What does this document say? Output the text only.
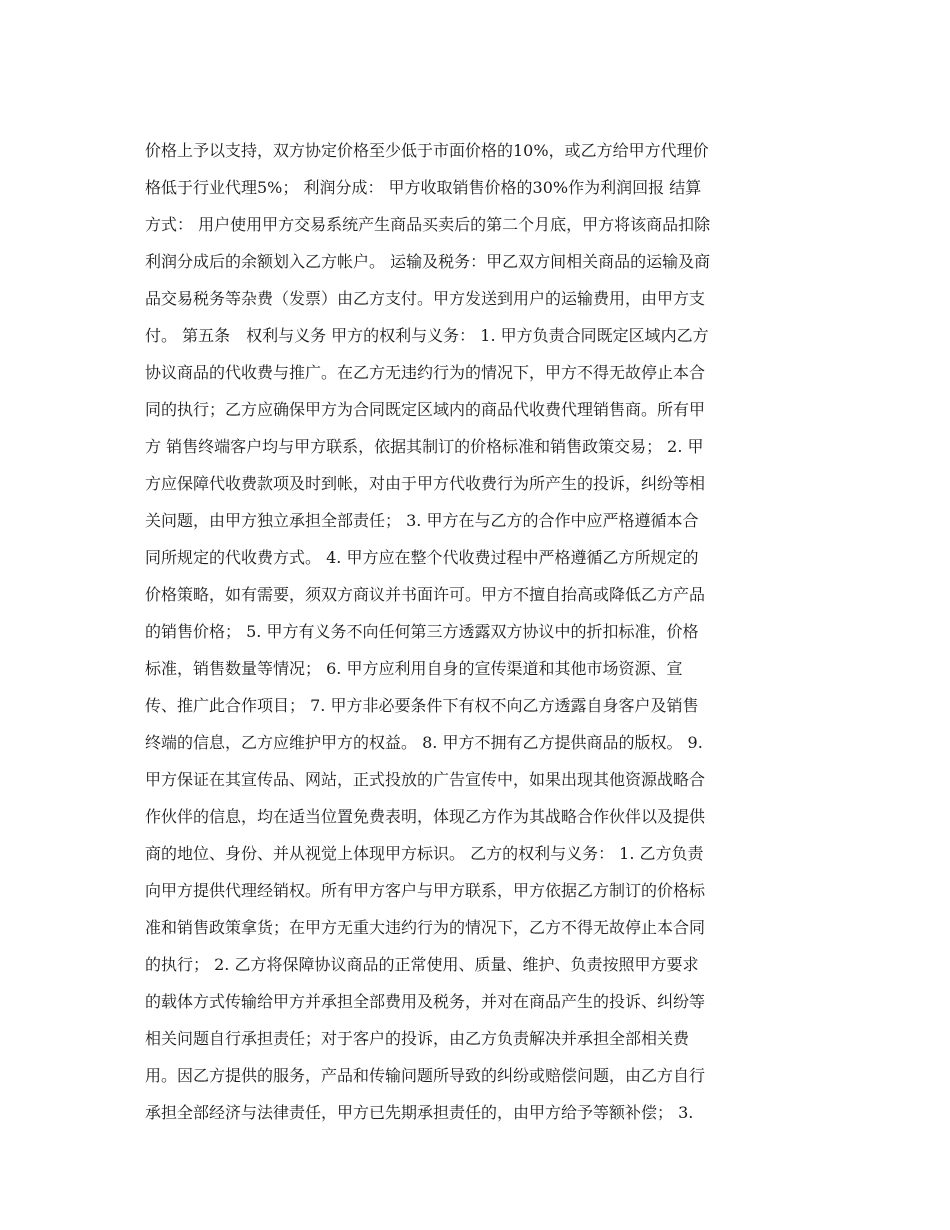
价格上予以支持，双方协定价格至少低于市面价格的10%，或乙方给甲方代理价
格低于行业代理5%； 利润分成： 甲方收取销售价格的30%作为利润回报 结算
方式： 用户使用甲方交易系统产生商品买卖后的第二个月底，甲方将该商品扣除
利润分成后的余额划入乙方帐户。 运输及税务：甲乙双方间相关商品的运输及商
品交易税务等杂费（发票）由乙方支付。甲方发送到用户的运输费用，由甲方支
付。 第五条　权利与义务 甲方的权利与义务： 1. 甲方负责合同既定区域内乙方
协议商品的代收费与推广。在乙方无违约行为的情况下，甲方不得无故停止本合
同的执行；乙方应确保甲方为合同既定区域内的商品代收费代理销售商。所有甲
方 销售终端客户均与甲方联系，依据其制订的价格标准和销售政策交易； 2. 甲
方应保障代收费款项及时到帐，对由于甲方代收费行为所产生的投诉，纠纷等相
关问题，由甲方独立承担全部责任； 3. 甲方在与乙方的合作中应严格遵循本合
同所规定的代收费方式。 4. 甲方应在整个代收费过程中严格遵循乙方所规定的
价格策略，如有需要，须双方商议并书面许可。甲方不擅自抬高或降低乙方产品
的销售价格； 5. 甲方有义务不向任何第三方透露双方协议中的折扣标准，价格
标准，销售数量等情况； 6. 甲方应利用自身的宣传渠道和其他市场资源、宣
传、推广此合作项目； 7. 甲方非必要条件下有权不向乙方透露自身客户及销售
终端的信息，乙方应维护甲方的权益。 8. 甲方不拥有乙方提供商品的版权。 9.
甲方保证在其宣传品、网站，正式投放的广告宣传中，如果出现其他资源战略合
作伙伴的信息，均在适当位置免费表明，体现乙方作为其战略合作伙伴以及提供
商的地位、身份、并从视觉上体现甲方标识。 乙方的权利与义务： 1. 乙方负责
向甲方提供代理经销权。所有甲方客户与甲方联系，甲方依据乙方制订的价格标
准和销售政策拿货；在甲方无重大违约行为的情况下，乙方不得无故停止本合同
的执行； 2. 乙方将保障协议商品的正常使用、质量、维护、负责按照甲方要求
的载体方式传输给甲方并承担全部费用及税务，并对在商品产生的投诉、纠纷等
相关问题自行承担责任；对于客户的投诉，由乙方负责解决并承担全部相关费
用。因乙方提供的服务，产品和传输问题所导致的纠纷或赔偿问题，由乙方自行
承担全部经济与法律责任，甲方已先期承担责任的，由甲方给予等额补偿； 3.
